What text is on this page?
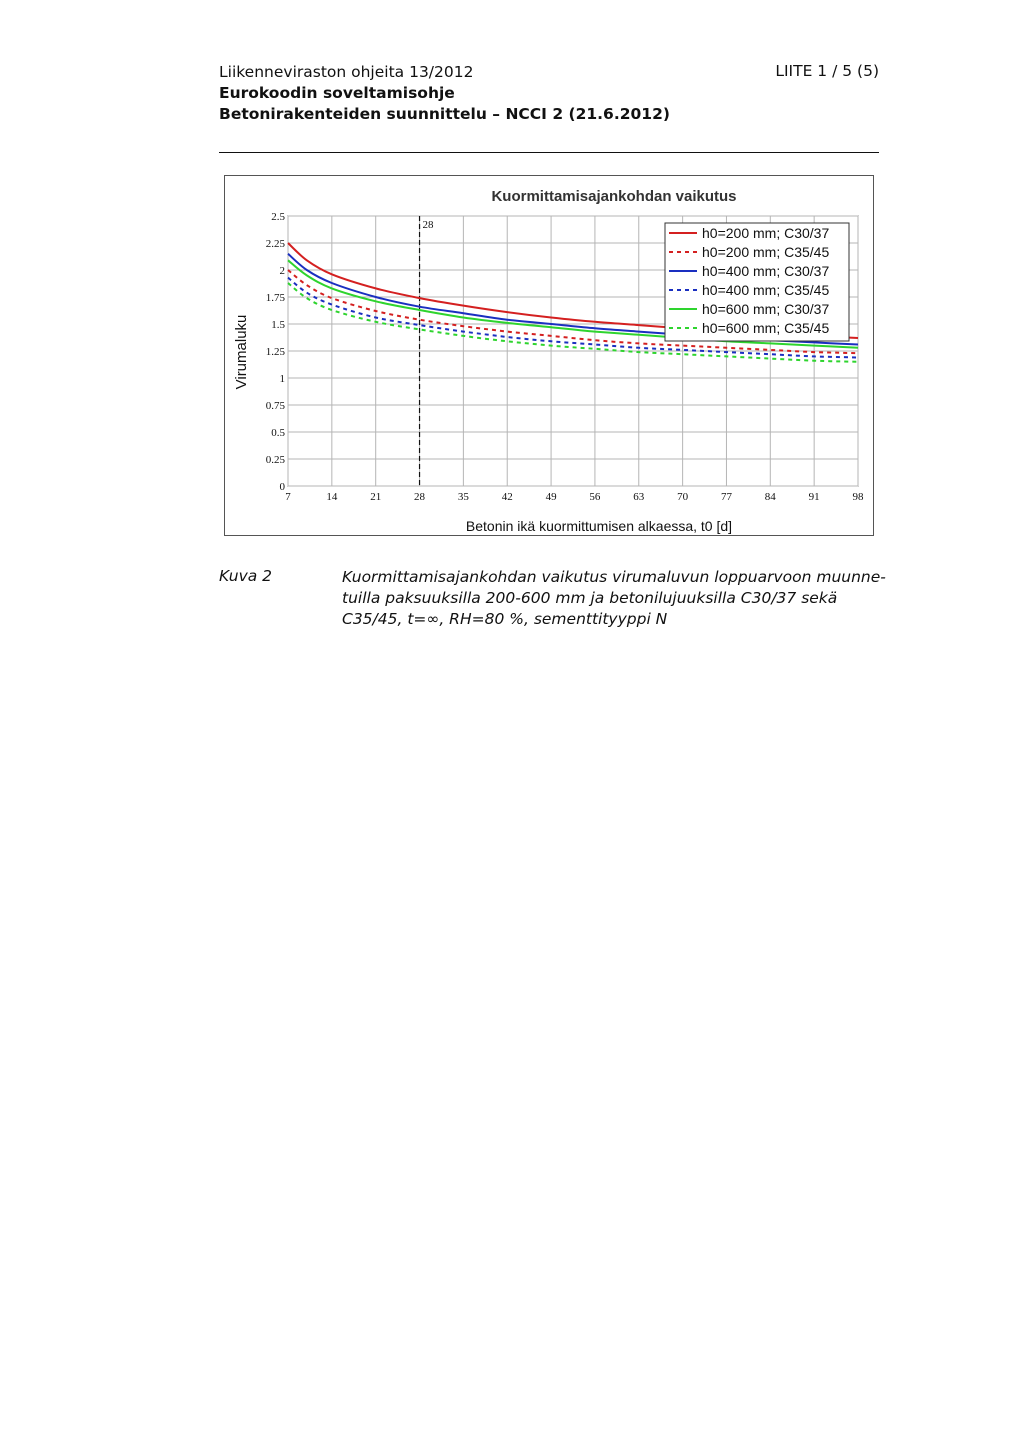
Liikenneviraston ohjeita 13/2012
Eurokoodin soveltamisohje
Betonirakenteiden suunnittelu – NCCI 2 (21.6.2012)
LIITE 1 / 5 (5)
Kuormittamisajankohdan vaikutus
Virumaluku
Betonin ikä kuormittumisen alkaessa, t0 [d]
7	14	21	28	35	42	49	56	63	70	77	84	91	98
0
0.25
0.5
0.75
1
1.25
1.5
1.75
2
2.25
2.5
28	h0=200 mm; C30/37
h0=200 mm; C35/45
h0=400 mm; C30/37
h0=400 mm; C35/45
h0=600 mm; C30/37
h0=600 mm; C35/45
Kuva 2	Kuormittamisajankohdan vaikutus virumaluvun loppuarvoon muunne-
tuilla paksuuksilla 200-600 mm ja betonilujuuksilla C30/37 sekä
C35/45, t=∞, RH=80 %, sementtityyppi N
